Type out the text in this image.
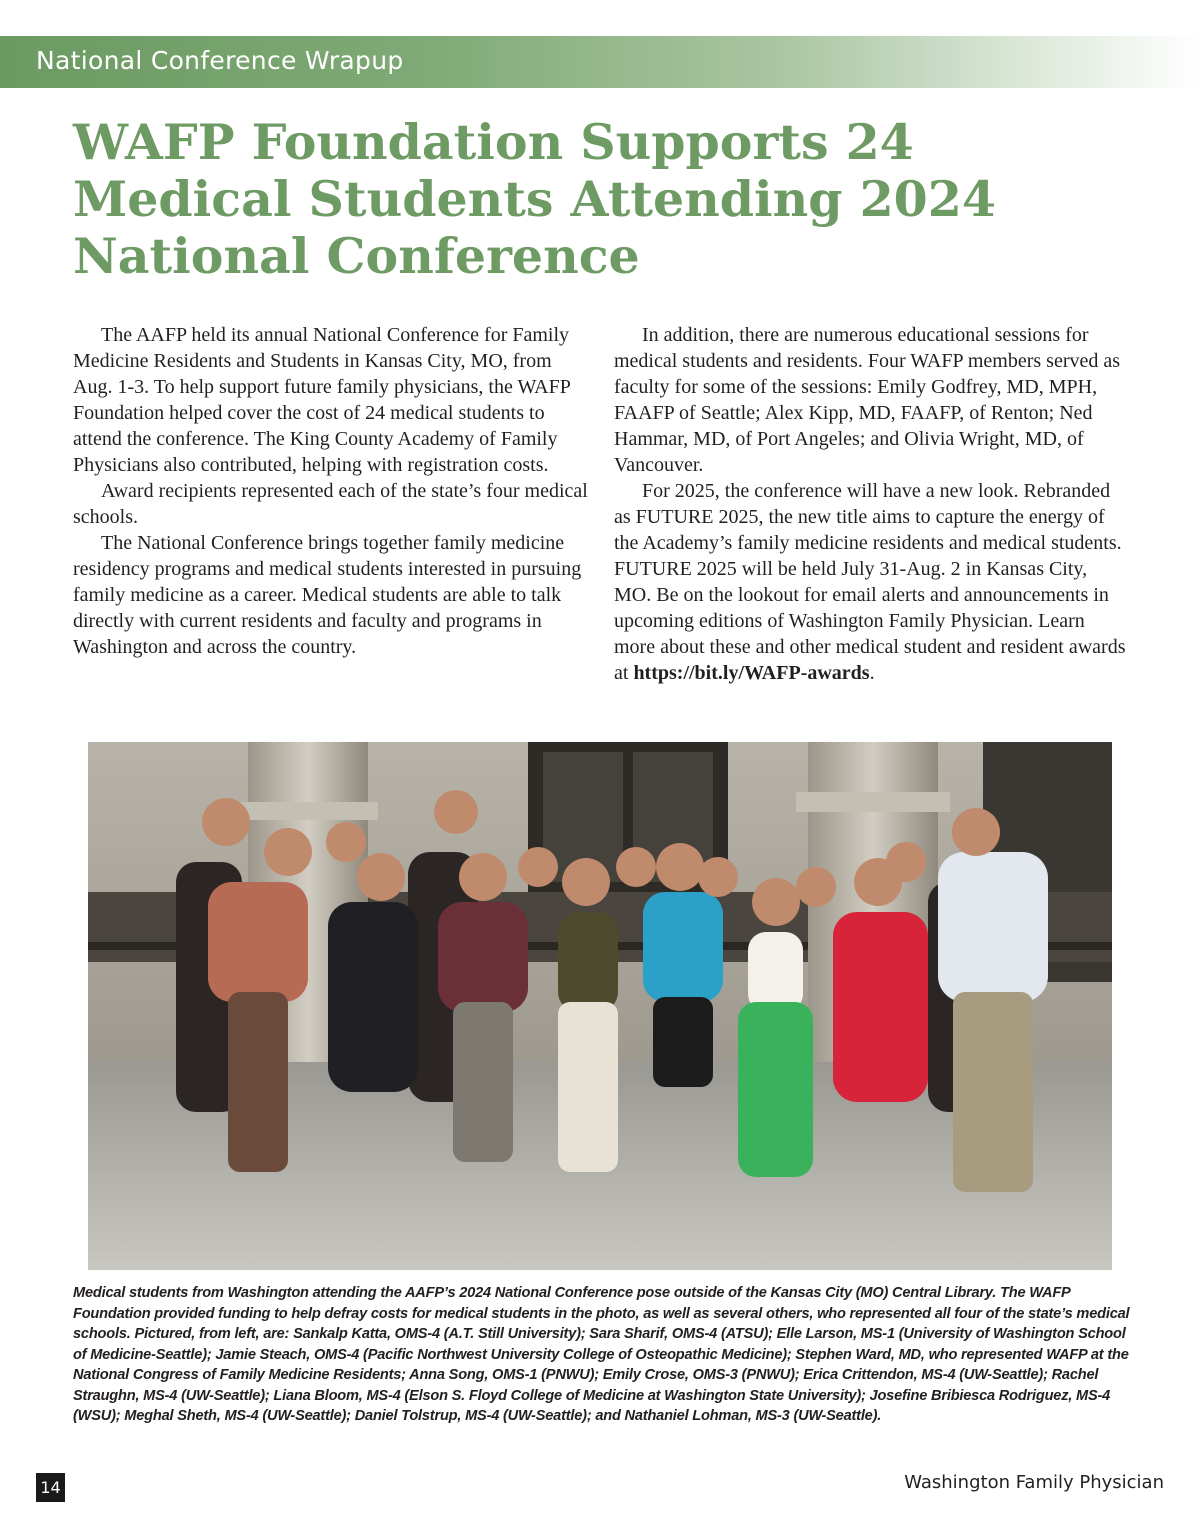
National Conference Wrapup
WAFP Foundation Supports 24
Medical Students Attending 2024
National Conference

The AAFP held its annual National Conference for Family Medicine Residents and Students in Kansas City, MO, from Aug. 1-3. To help support future family physicians, the WAFP Foundation helped cover the cost of 24 medical students to attend the conference. The King County Academy of Family Physicians also contributed, helping with registration costs.

Award recipients represented each of the state’s four medical schools.

The National Conference brings together family medicine residency programs and medical students interested in pursuing family medicine as a career. Medical students are able to talk directly with current residents and faculty and programs in Washington and across the country.

In addition, there are numerous educational sessions for medical students and residents. Four WAFP members served as faculty for some of the sessions: Emily Godfrey, MD, MPH, FAAFP of Seattle; Alex Kipp, MD, FAAFP, of Renton; Ned Hammar, MD, of Port Angeles; and Olivia Wright, MD, of Vancouver.

For 2025, the conference will have a new look. Rebranded as FUTURE 2025, the new title aims to capture the energy of the Academy’s family medicine residents and medical students. FUTURE 2025 will be held July 31-Aug. 2 in Kansas City, MO. Be on the lookout for email alerts and announcements in upcoming editions of Washington Family Physician. Learn more about these and other medical student and resident awards at https://bit.ly/WAFP-awards.

Medical students from Washington attending the AAFP’s 2024 National Conference pose outside of the Kansas City (MO) Central Library. The WAFP Foundation provided funding to help defray costs for medical students in the photo, as well as several others, who represented all four of the state’s medical schools. Pictured, from left, are: Sankalp Katta, OMS-4 (A.T. Still University); Sara Sharif, OMS-4 (ATSU); Elle Larson, MS-1 (University of Washington School of Medicine-Seattle); Jamie Steach, OMS-4 (Pacific Northwest University College of Osteopathic Medicine); Stephen Ward, MD, who represented WAFP at the National Congress of Family Medicine Residents; Anna Song, OMS-1 (PNWU); Emily Crose, OMS-3 (PNWU); Erica Crittendon, MS-4 (UW-Seattle); Rachel Straughn, MS-4 (UW-Seattle); Liana Bloom, MS-4 (Elson S. Floyd College of Medicine at Washington State University); Josefine Bribiesca Rodriguez, MS-4 (WSU); Meghal Sheth, MS-4 (UW-Seattle); Daniel Tolstrup, MS-4 (UW-Seattle); and Nathaniel Lohman, MS-3 (UW-Seattle).

14	Washington Family Physician
